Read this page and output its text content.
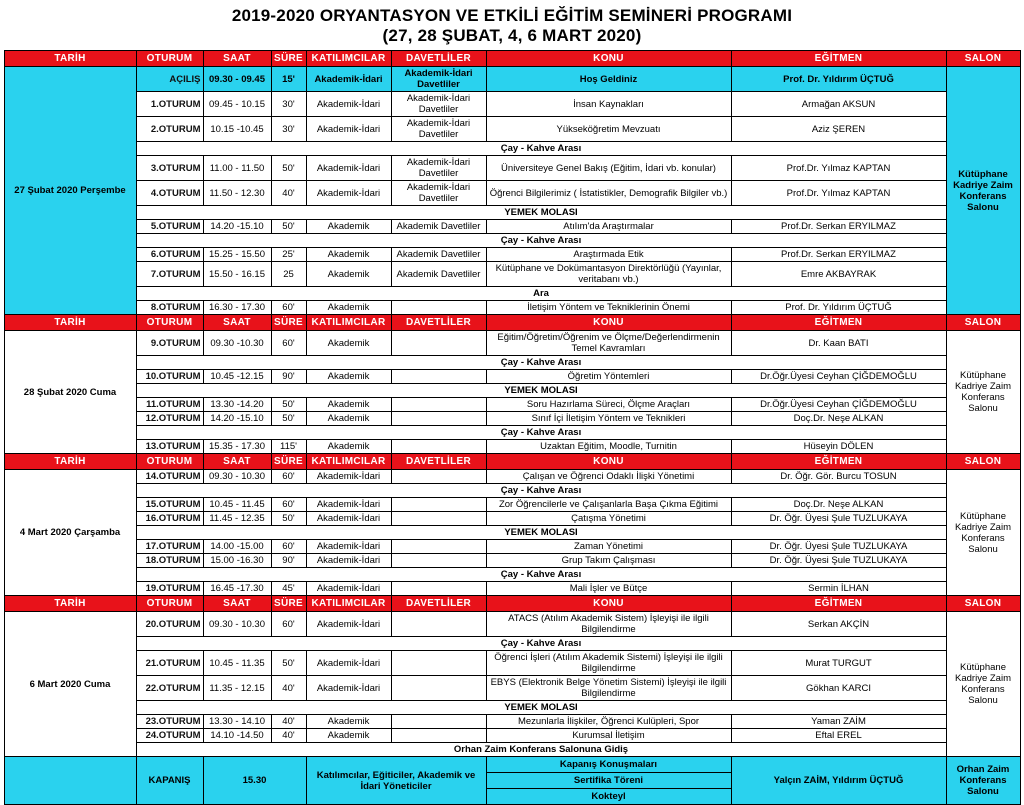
2019-2020 ORYANTASYON VE ETKİLİ EĞİTİM SEMİNERİ PROGRAMI
(27, 28 ŞUBAT, 4, 6 MART 2020)
TARİH	OTURUM	SAAT	SÜRE	KATILIMCILAR	DAVETLİLER	KONU	EĞİTMEN	SALON
27 Şubat 2020 Perşembe	AÇILIŞ	09.30 - 09.45	15'	Akademik-İdari	Akademik-İdari Davetliler	Hoş Geldiniz	Prof. Dr. Yıldırım ÜÇTUĞ	Kütüphane Kadriye Zaim Konferans Salonu
	1.OTURUM	09.45 - 10.15	30'	Akademik-İdari	Akademik-İdari Davetliler	İnsan Kaynakları	Armağan AKSUN	
	2.OTURUM	10.15 -10.45	30'	Akademik-İdari	Akademik-İdari Davetliler	Yükseköğretim Mevzuatı	Aziz ŞEREN	
	Çay - Kahve Arası							
	3.OTURUM	11.00 - 11.50	50'	Akademik-İdari	Akademik-İdari Davetliler	Üniversiteye Genel Bakış (Eğitim, İdari vb. konular)	Prof.Dr. Yılmaz KAPTAN	
	4.OTURUM	11.50 - 12.30	40'	Akademik-İdari	Akademik-İdari Davetliler	Öğrenci Bilgilerimiz ( İstatistikler, Demografik Bilgiler vb.)	Prof.Dr. Yılmaz KAPTAN	
	YEMEK MOLASI							
	5.OTURUM	14.20 -15.10	50'	Akademik	Akademik Davetliler	Atılım'da Araştırmalar	Prof.Dr. Serkan ERYILMAZ	
	Çay - Kahve Arası							
	6.OTURUM	15.25 - 15.50	25'	Akademik	Akademik Davetliler	Araştırmada Etik	Prof.Dr. Serkan ERYILMAZ	
	7.OTURUM	15.50 - 16.15	25	Akademik	Akademik Davetliler	Kütüphane ve Dokümantasyon Direktörlüğü (Yayınlar, veritabanı vb.)	Emre AKBAYRAK	
	Ara							
	8.OTURUM	16.30 - 17.30	60'	Akademik		İletişim Yöntem ve Tekniklerinin Önemi	Prof. Dr. Yıldırım ÜÇTUĞ	
TARİH	OTURUM	SAAT	SÜRE	KATILIMCILAR	DAVETLİLER	KONU	EĞİTMEN	SALON
28 Şubat 2020 Cuma	9.OTURUM	09.30 -10.30	60'	Akademik		Eğitim/Öğretim/Öğrenim ve Ölçme/Değerlendirmenin Temel Kavramları	Dr. Kaan BATI	Kütüphane Kadriye Zaim Konferans Salonu
	Çay - Kahve Arası							
	10.OTURUM	10.45 -12.15	90'	Akademik		Öğretim Yöntemleri	Dr.Öğr.Üyesi Ceyhan ÇİĞDEMOĞLU	
	YEMEK MOLASI							
	11.OTURUM	13.30 -14.20	50'	Akademik		Soru Hazırlama Süreci, Ölçme Araçları	Dr.Öğr.Üyesi Ceyhan ÇİĞDEMOĞLU	
	12.OTURUM	14.20 -15.10	50'	Akademik		Sınıf İçi İletişim Yöntem ve Teknikleri	Doç.Dr. Neşe ALKAN	
	Çay - Kahve Arası							
	13.OTURUM	15.35 - 17.30	115'	Akademik		Uzaktan Eğitim, Moodle, Turnitin	Hüseyin DÖLEN	
TARİH	OTURUM	SAAT	SÜRE	KATILIMCILAR	DAVETLİLER	KONU	EĞİTMEN	SALON
4 Mart 2020 Çarşamba	14.OTURUM	09.30 - 10.30	60'	Akademik-İdari		Çalışan ve Öğrenci Odaklı İlişki Yönetimi	Dr. Öğr. Gör. Burcu TOSUN	Kütüphane Kadriye Zaim Konferans Salonu
	Çay - Kahve Arası							
	15.OTURUM	10.45 - 11.45	60'	Akademik-İdari		Zor Öğrencilerle ve Çalışanlarla Başa Çıkma Eğitimi	Doç.Dr. Neşe ALKAN	
	16.OTURUM	11.45 - 12.35	50'	Akademik-İdari		Çatışma Yönetimi	Dr. Öğr. Üyesi Şule TUZLUKAYA	
	YEMEK MOLASI							
	17.OTURUM	14.00 -15.00	60'	Akademik-İdari		Zaman Yönetimi	Dr. Öğr. Üyesi Şule TUZLUKAYA	
	18.OTURUM	15.00 -16.30	90'	Akademik-İdari		Grup Takım Çalışması	Dr. Öğr. Üyesi Şule TUZLUKAYA	
	Çay - Kahve Arası							
	19.OTURUM	16.45 -17.30	45'	Akademik-İdari		Mali İşler ve Bütçe	Sermin İLHAN	
TARİH	OTURUM	SAAT	SÜRE	KATILIMCILAR	DAVETLİLER	KONU	EĞİTMEN	SALON
6 Mart 2020 Cuma	20.OTURUM	09.30 - 10.30	60'	Akademik-İdari		ATACS (Atılım Akademik Sistem) İşleyişi ile ilgili Bilgilendirme	Serkan AKÇİN	Kütüphane Kadriye Zaim Konferans Salonu
	Çay - Kahve Arası							
	21.OTURUM	10.45 - 11.35	50'	Akademik-İdari		Öğrenci İşleri (Atılım Akademik Sistemi) İşleyişi ile ilgili Bilgilendirme	Murat TURGUT	
	22.OTURUM	11.35 - 12.15	40'	Akademik-İdari		EBYS (Elektronik Belge Yönetim Sistemi) İşleyişi ile ilgili Bilgilendirme	Gökhan KARCI	
	YEMEK MOLASI							
	23.OTURUM	13.30 - 14.10	40'	Akademik		Mezunlarla İlişkiler, Öğrenci Kulüpleri, Spor	Yaman ZAİM	
	24.OTURUM	14.10 -14.50	40'	Akademik		Kurumsal İletişim	Eftal EREL	
	Orhan Zaim Konferans Salonuna Gidiş							
	KAPANIŞ	15.30		Katılımcılar, Eğiticiler, Akademik ve İdari Yöneticiler		Kapanış Konuşmaları
Sertifika Töreni
Kokteyl	Yalçın ZAİM, Yıldırım ÜÇTUĞ	Orhan Zaim Konferans Salonu
